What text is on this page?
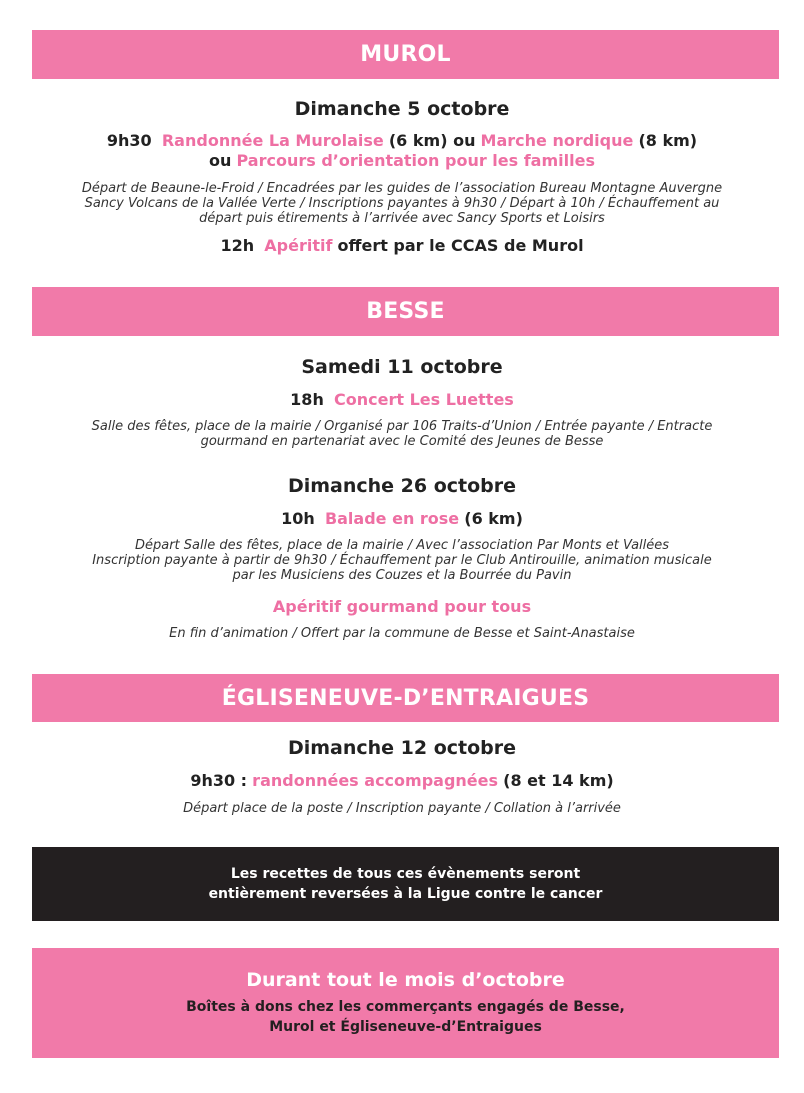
MUROL
Dimanche 5 octobre
9h30 Randonnée La Murolaise (6 km) ou Marche nordique (8 km)
ou Parcours d’orientation pour les familles
Départ de Beaune-le-Froid / Encadrées par les guides de l’association Bureau Montagne Auvergne
Sancy Volcans de la Vallée Verte / Inscriptions payantes à 9h30 / Départ à 10h / Échauffement au
départ puis étirements à l’arrivée avec Sancy Sports et Loisirs
12h Apéritif offert par le CCAS de Murol
BESSE
Samedi 11 octobre
18h Concert Les Luettes
Salle des fêtes, place de la mairie / Organisé par 106 Traits-d’Union / Entrée payante / Entracte
gourmand en partenariat avec le Comité des Jeunes de Besse
Dimanche 26 octobre
10h Balade en rose (6 km)
Départ Salle des fêtes, place de la mairie / Avec l’association Par Monts et Vallées
Inscription payante à partir de 9h30 / Échauffement par le Club Antirouille, animation musicale
par les Musiciens des Couzes et la Bourrée du Pavin
Apéritif gourmand pour tous
En fin d’animation / Offert par la commune de Besse et Saint-Anastaise
ÉGLISENEUVE-D’ENTRAIGUES
Dimanche 12 octobre
9h30 : randonnées accompagnées (8 et 14 km)
Départ place de la poste / Inscription payante / Collation à l’arrivée
Les recettes de tous ces évènements seront
entièrement reversées à la Ligue contre le cancer
Durant tout le mois d’octobre
Boîtes à dons chez les commerçants engagés de Besse,
Murol et Égliseneuve-d’Entraigues
